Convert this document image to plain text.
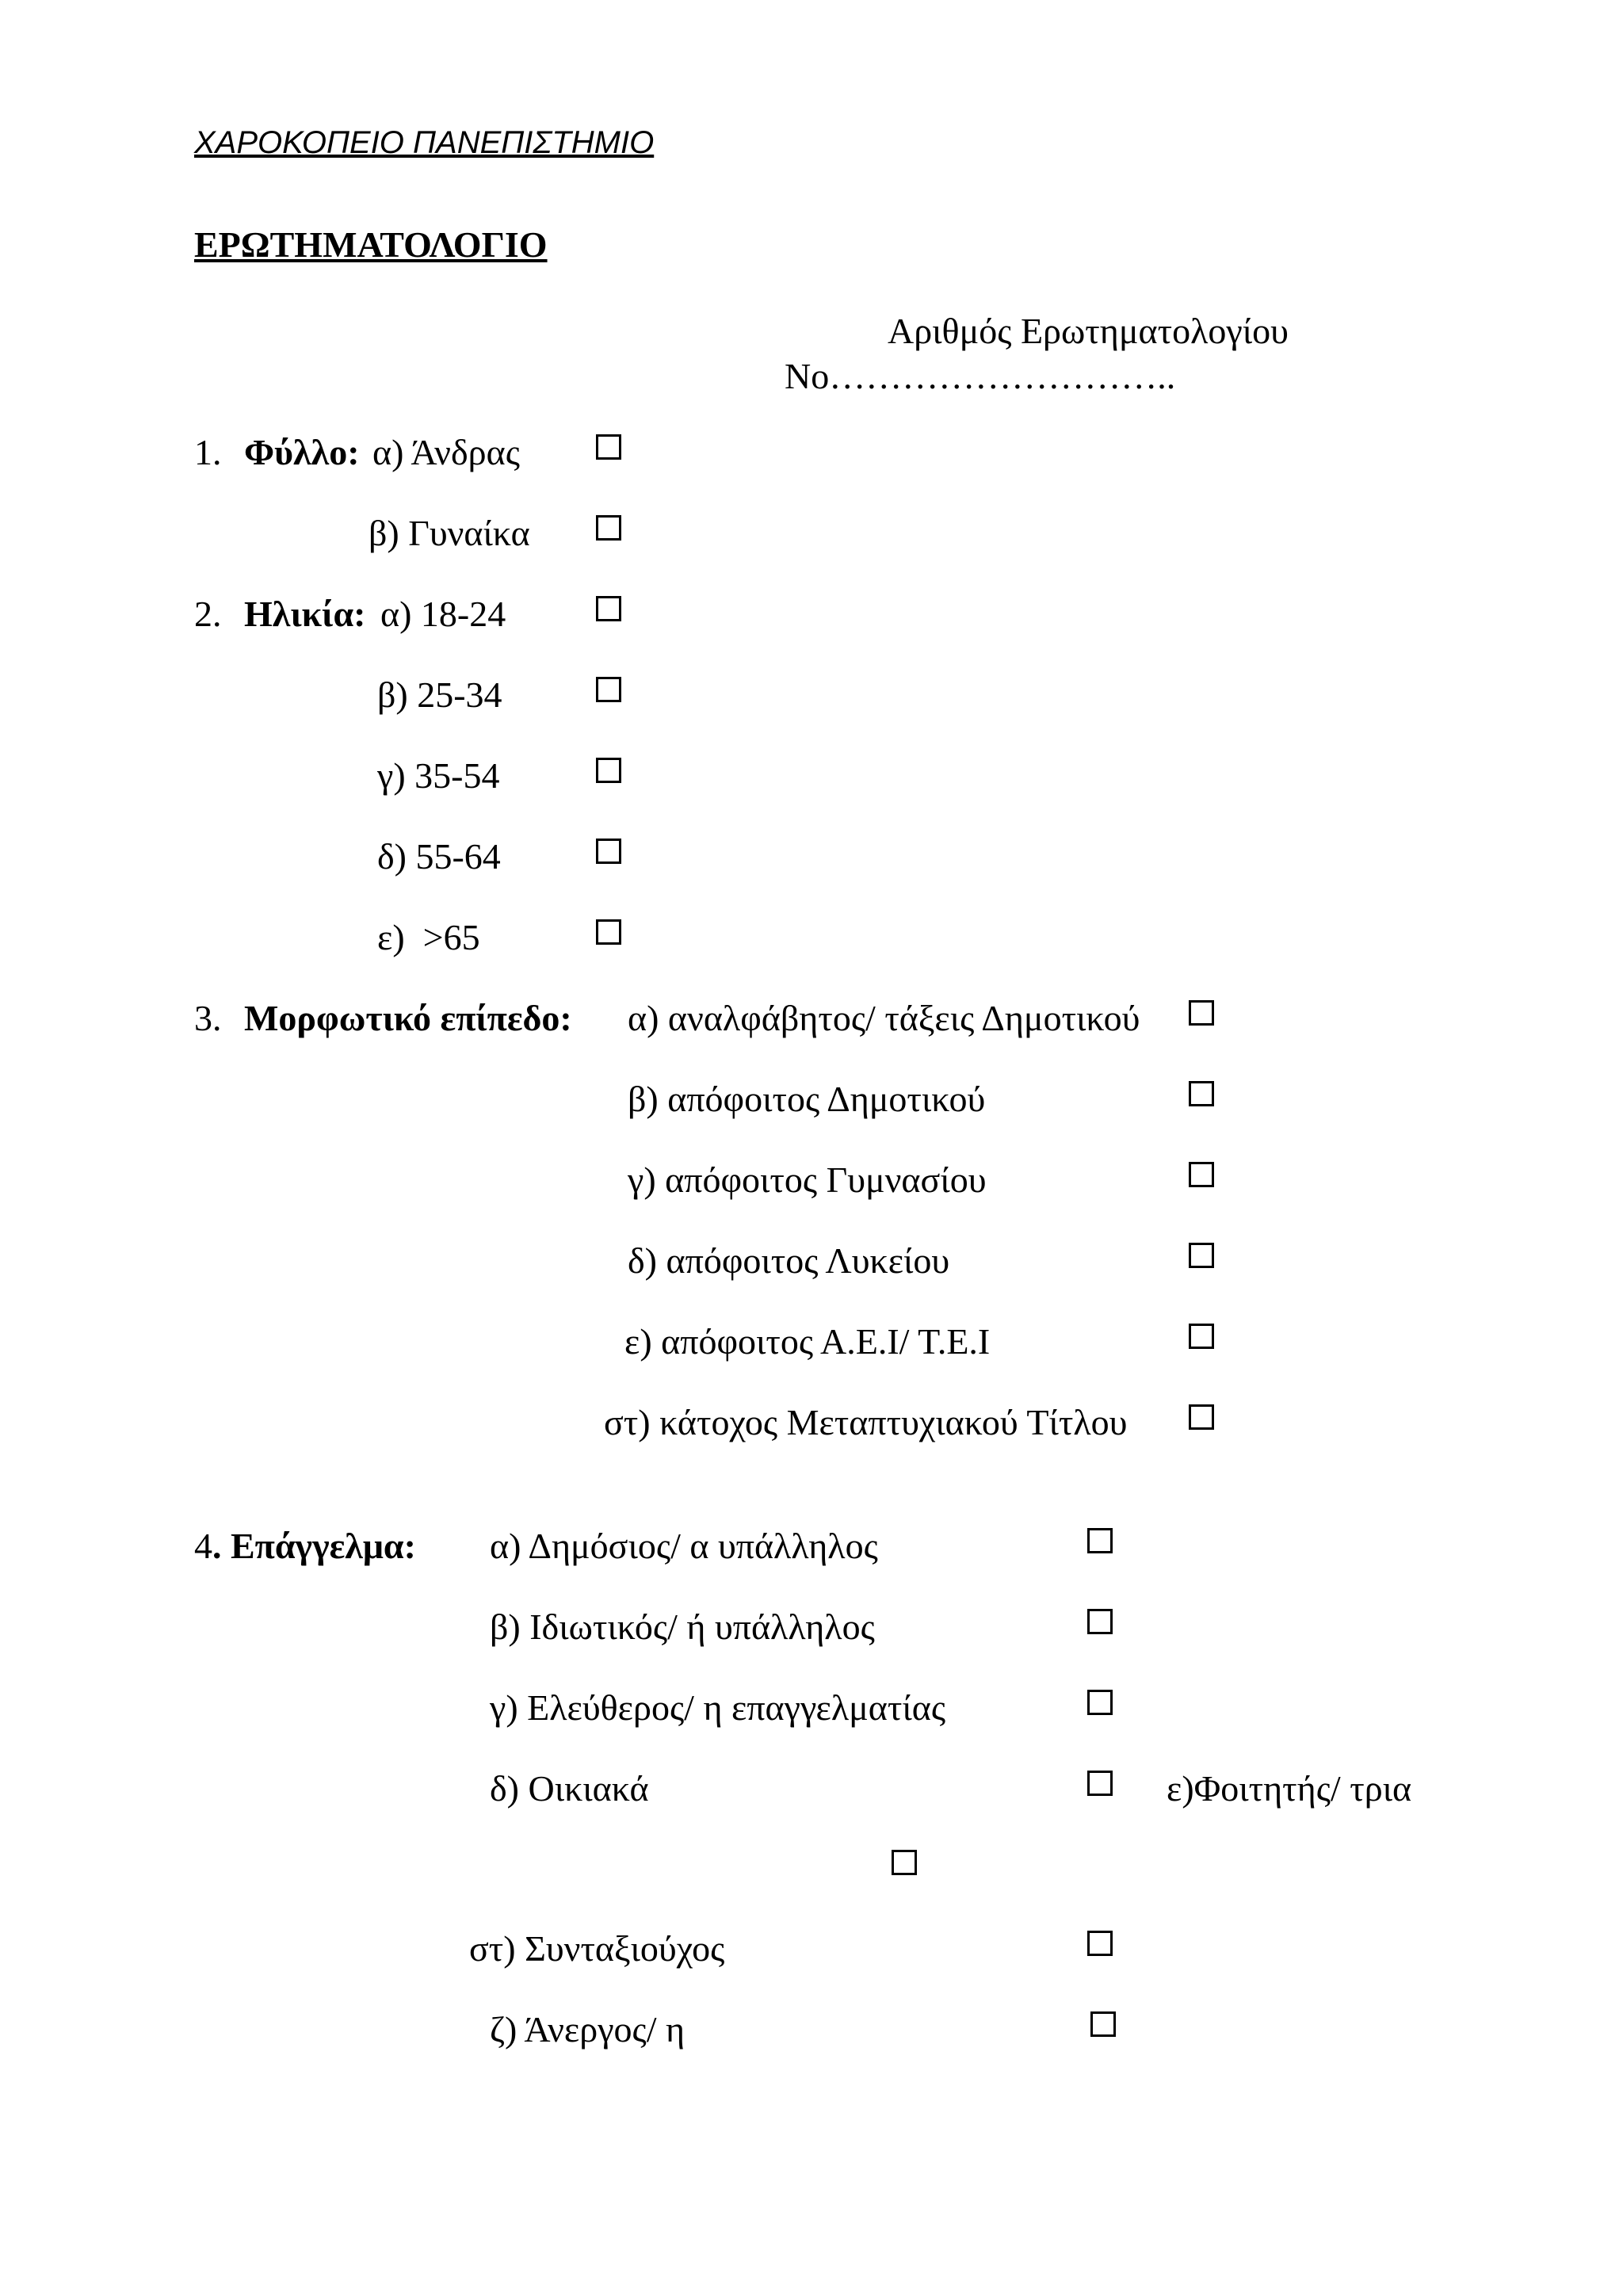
ΧΑΡΟΚΟΠΕΙΟ ΠΑΝΕΠΙΣΤΗΜΙΟ
ΕΡΩΤΗΜΑΤΟΛΟΓΙΟ
Αριθμός Ερωτηματολογίου
Νο………………………..
1. Φύλλο: α) Άνδρας
β) Γυναίκα
2. Ηλικία: α) 18-24
β) 25-34
γ) 35-54
δ) 55-64
ε)  >65
3. Μορφωτικό επίπεδο: α) αναλφάβητος/ τάξεις Δημοτικού
β) απόφοιτος Δημοτικού
γ) απόφοιτος Γυμνασίου
δ) απόφοιτος Λυκείου
ε) απόφοιτος Α.Ε.Ι/ Τ.Ε.Ι
στ) κάτοχος Μεταπτυχιακού Τίτλου
4 . Επάγγελμα: α) Δημόσιος/ α υπάλληλος
β) Ιδιωτικός/ ή υπάλληλος
γ) Ελεύθερος/ η επαγγελματίας
δ) Οικιακά	ε)Φοιτητής/ τρια
στ) Συνταξιούχος
ζ) Άνεργος/ η
